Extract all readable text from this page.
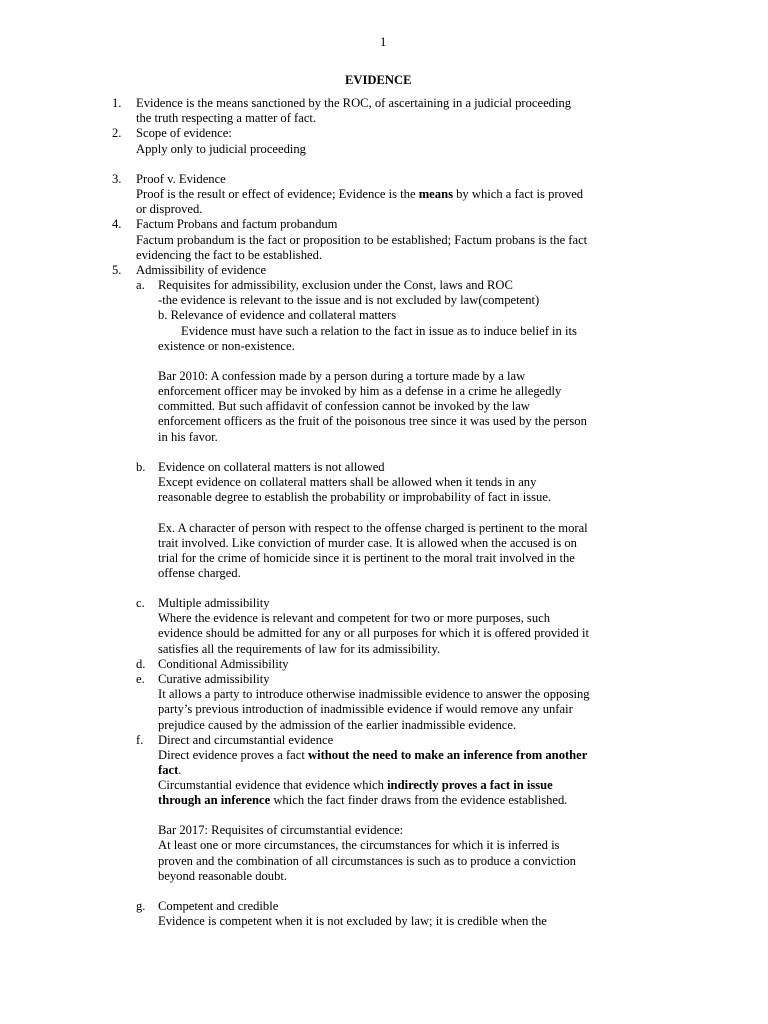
1
EVIDENCE
1. Evidence is the means sanctioned by the ROC, of ascertaining in a judicial proceeding
the truth respecting a matter of fact.
2. Scope of evidence:
Apply only to judicial proceeding
3. Proof v. Evidence
Proof is the result or effect of evidence; Evidence is the means by which a fact is proved
or disproved.
4. Factum Probans and factum probandum
Factum probandum is the fact or proposition to be established; Factum probans is the fact
evidencing the fact to be established.
5. Admissibility of evidence
a. Requisites for admissibility, exclusion under the Const, laws and ROC
-the evidence is relevant to the issue and is not excluded by law(competent)
b. Relevance of evidence and collateral matters
Evidence must have such a relation to the fact in issue as to induce belief in its
existence or non-existence.
Bar 2010: A confession made by a person during a torture made by a law
enforcement officer may be invoked by him as a defense in a crime he allegedly
committed. But such affidavit of confession cannot be invoked by the law
enforcement officers as the fruit of the poisonous tree since it was used by the person
in his favor.
b. Evidence on collateral matters is not allowed
Except evidence on collateral matters shall be allowed when it tends in any
reasonable degree to establish the probability or improbability of fact in issue.
Ex. A character of person with respect to the offense charged is pertinent to the moral
trait involved. Like conviction of murder case. It is allowed when the accused is on
trial for the crime of homicide since it is pertinent to the moral trait involved in the
offense charged.
c. Multiple admissibility
Where the evidence is relevant and competent for two or more purposes, such
evidence should be admitted for any or all purposes for which it is offered provided it
satisfies all the requirements of law for its admissibility.
d. Conditional Admissibility
e. Curative admissibility
It allows a party to introduce otherwise inadmissible evidence to answer the opposing
party’s previous introduction of inadmissible evidence if would remove any unfair
prejudice caused by the admission of the earlier inadmissible evidence.
f. Direct and circumstantial evidence
Direct evidence proves a fact without the need to make an inference from another
fact.
Circumstantial evidence that evidence which indirectly proves a fact in issue
through an inference which the fact finder draws from the evidence established.
Bar 2017: Requisites of circumstantial evidence:
At least one or more circumstances, the circumstances for which it is inferred is
proven and the combination of all circumstances is such as to produce a conviction
beyond reasonable doubt.
g. Competent and credible
Evidence is competent when it is not excluded by law; it is credible when the
